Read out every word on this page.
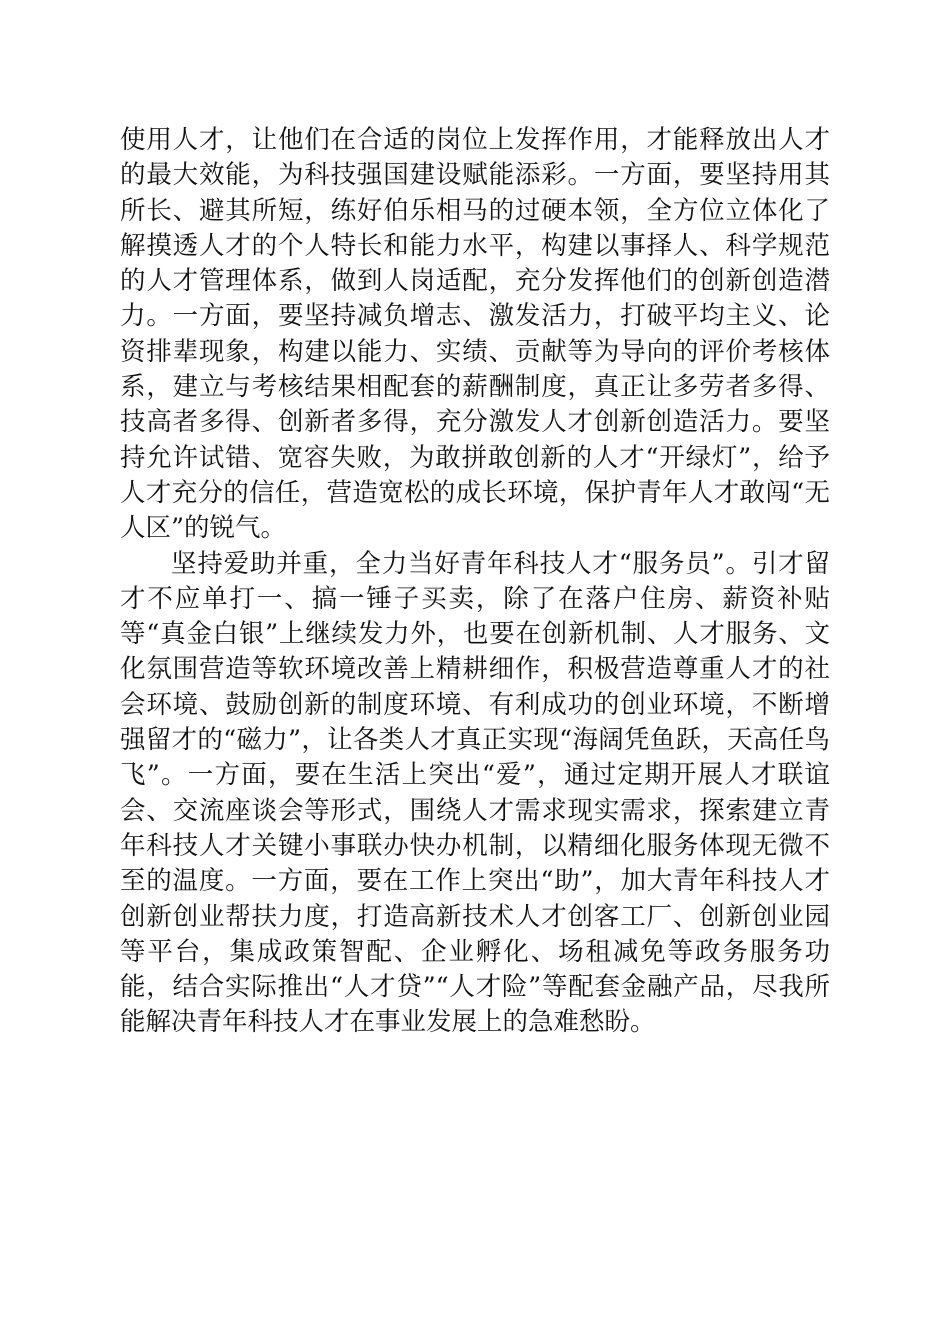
使用人才，让他们在合适的岗位上发挥作用，才能释放出人才的最大效能，为科技强国建设赋能添彩。一方面，要坚持用其所长、避其所短，练好伯乐相马的过硬本领，全方位立体化了解摸透人才的个人特长和能力水平，构建以事择人、科学规范的人才管理体系，做到人岗适配，充分发挥他们的创新创造潜力。一方面，要坚持减负增志、激发活力，打破平均主义、论资排辈现象，构建以能力、实绩、贡献等为导向的评价考核体系，建立与考核结果相配套的薪酬制度，真正让多劳者多得、技高者多得、创新者多得，充分激发人才创新创造活力。要坚持允许试错、宽容失败，为敢拼敢创新的人才“开绿灯”，给予人才充分的信任，营造宽松的成长环境，保护青年人才敢闯“无人区”的锐气。

坚持爱助并重，全力当好青年科技人才“服务员”。引才留才不应单打一、搞一锤子买卖，除了在落户住房、薪资补贴等“真金白银”上继续发力外，也要在创新机制、人才服务、文化氛围营造等软环境改善上精耕细作，积极营造尊重人才的社会环境、鼓励创新的制度环境、有利成功的创业环境，不断增强留才的“磁力”，让各类人才真正实现“海阔凭鱼跃，天高任鸟飞”。一方面，要在生活上突出“爱”，通过定期开展人才联谊会、交流座谈会等形式，围绕人才需求现实需求，探索建立青年科技人才关键小事联办快办机制，以精细化服务体现无微不至的温度。一方面，要在工作上突出“助”，加大青年科技人才创新创业帮扶力度，打造高新技术人才创客工厂、创新创业园等平台，集成政策智配、企业孵化、场租减免等政务服务功能，结合实际推出“人才贷”“人才险”等配套金融产品，尽我所能解决青年科技人才在事业发展上的急难愁盼。
